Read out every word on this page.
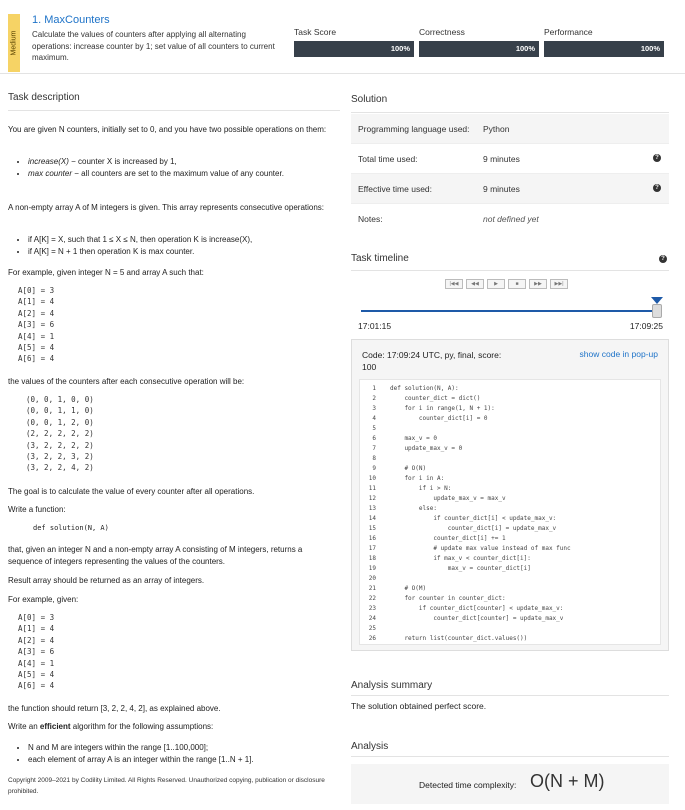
Medium
1. MaxCounters
Calculate the values of counters after applying all alternating operations: increase counter by 1; set value of all counters to current maximum.
Task Score
100%
Correctness
100%
Performance
100%
Task description
You are given N counters, initially set to 0, and you have two possible operations on them:
• increase(X) − counter X is increased by 1,
• max counter − all counters are set to the maximum value of any counter.
A non-empty array A of M integers is given. This array represents consecutive operations:
• if A[K] = X, such that 1 ≤ X ≤ N, then operation K is increase(X),
• if A[K] = N + 1 then operation K is max counter.
For example, given integer N = 5 and array A such that:
A[0] = 3
A[1] = 4
A[2] = 4
A[3] = 6
A[4] = 1
A[5] = 4
A[6] = 4
the values of the counters after each consecutive operation will be:
(0, 0, 1, 0, 0)
(0, 0, 1, 1, 0)
(0, 0, 1, 2, 0)
(2, 2, 2, 2, 2)
(3, 2, 2, 2, 2)
(3, 2, 2, 3, 2)
(3, 2, 2, 4, 2)
The goal is to calculate the value of every counter after all operations.
Write a function:
def solution(N, A)
that, given an integer N and a non-empty array A consisting of M integers, returns a sequence of integers representing the values of the counters.
Result array should be returned as an array of integers.
For example, given:
A[0] = 3
A[1] = 4
A[2] = 4
A[3] = 6
A[4] = 1
A[5] = 4
A[6] = 4
the function should return [3, 2, 2, 4, 2], as explained above.
Write an efficient algorithm for the following assumptions:
• N and M are integers within the range [1..100,000];
• each element of array A is an integer within the range [1..N + 1].
Copyright 2009–2021 by Codility Limited. All Rights Reserved. Unauthorized copying, publication or disclosure prohibited.
Solution
Programming language used: Python
Total time used:	9 minutes	?
Effective time used:	9 minutes	?
Notes:	not defined yet
Task timeline	?
|◀◀	◀◀	▶	■	▶▶	▶▶|
17:01:15	17:09:25
Code: 17:09:24 UTC, py, final, score:
100
show code in pop-up
1
2
3
4
5
6
7
8
9
10
11
12
13
14
15
16
17
18
19
20
21
22
23
24
25
26
def solution(N, A):
counter_dict = dict()
for i in range(1, N + 1):
counter_dict[i] = 0

max_v = 0
update_max_v = 0

# O(N)
for i in A:
if i > N:
update_max_v = max_v
else:
if counter_dict[i] < update_max_v:
counter_dict[i] = update_max_v
counter_dict[i] += 1
# update max value instead of max func
if max_v < counter_dict[i]:
max_v = counter_dict[i]

# O(M)
for counter in counter_dict:
if counter_dict[counter] < update_max_v:
counter_dict[counter] = update_max_v

return list(counter_dict.values())
Analysis summary
The solution obtained perfect score.
Analysis
Detected time complexity: O(N + M)
